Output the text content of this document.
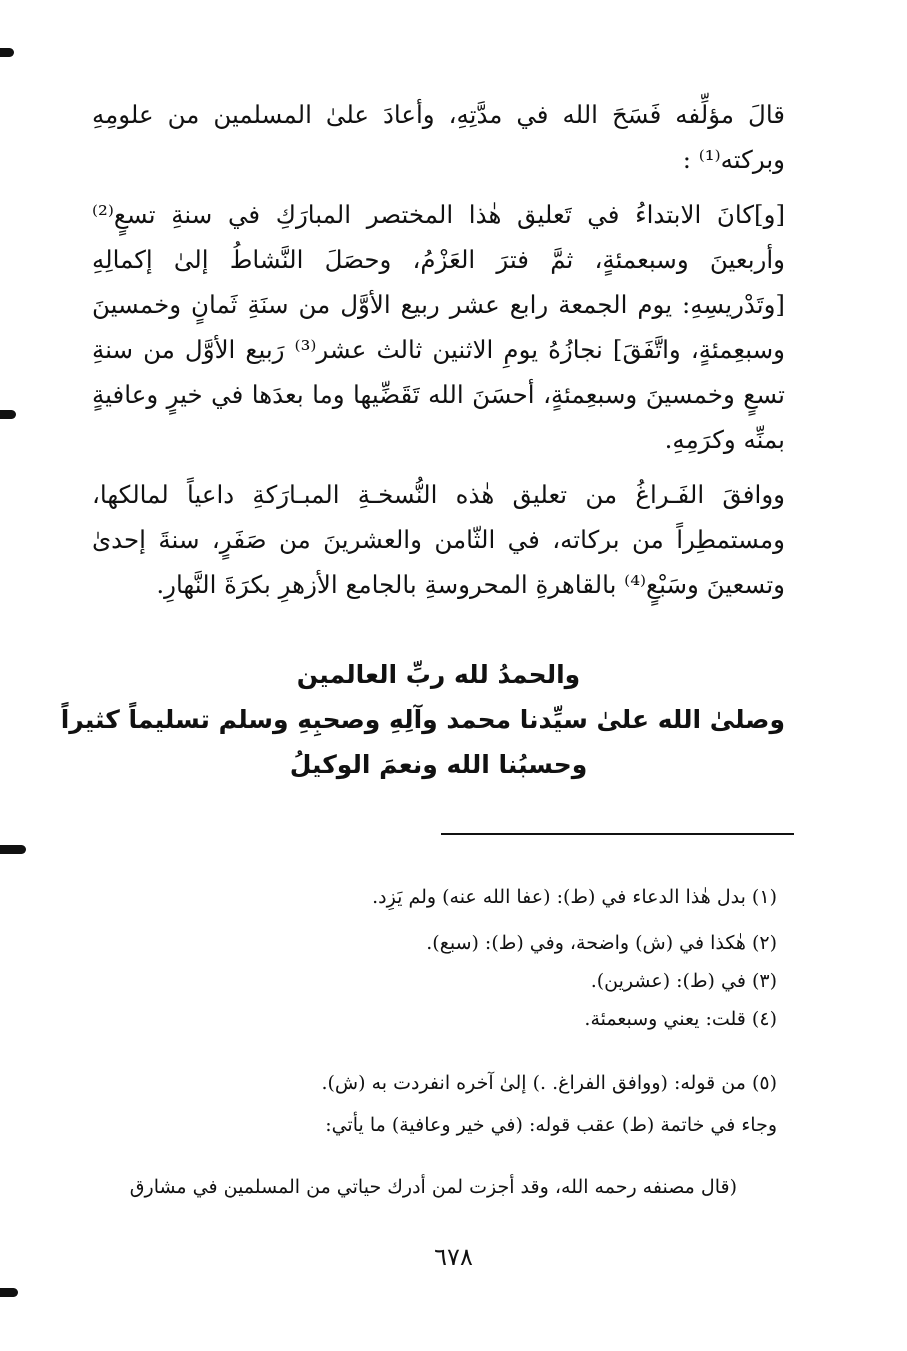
قالَ مؤلِّفه فَسَحَ الله في مدَّتِهِ، وأعادَ علىٰ المسلمين من علومِهِ وبركته⁽¹⁾ :

[و]كانَ الابتداءُ في تَعليق هٰذا المختصر المبارَكِ في سنةِ تسعٍ⁽²⁾ وأربعينَ وسبعمئةٍ، ثمَّ فترَ العَزْمُ، وحصَلَ النَّشاطُ إلىٰ إكمالِهِ [وتَدْريسِهِ: يوم الجمعة رابع عشر ربيع الأوَّل من سنَةِ ثَمانٍ وخمسينَ وسبعِمئةٍ، واتَّفَقَ] نجازُهُ يومِ الاثنين ثالث عشر⁽³⁾ رَبيع الأوَّل من سنةِ تسعٍ وخمسينَ وسبعِمئةٍ، أحسَنَ الله تَقَضِّيها وما بعدَها في خيرٍ وعافيةٍ بمنِّه وكرَمِهِ.

ووافقَ الفَـراغُ من تعليق هٰذه النُّسخـةِ المبـارَكةِ داعياً لمالكها، ومستمطِراً من بركاته، في الثّامن والعشرينَ من صَفَرٍ، سنةَ إحدىٰ وتسعينَ وسَبْعٍ⁽⁴⁾ بالقاهرةِ المحروسةِ بالجامع الأزهرِ بكرَةَ النَّهارِ.

والحمدُ لله ربِّ العالمين
وصلىٰ الله علىٰ سيِّدنا محمد وآلِهِ وصحبِهِ وسلم تسليماً كثيراً
وحسبُنا الله ونعمَ الوكيلُ
(١) بدل هٰذا الدعاء في (ط): (عفا الله عنه) ولم يَزِد.
(٢) هٰكذا في (ش) واضحة، وفي (ط): (سبع).
(٣) في (ط): (عشرين).
(٤) قلت: يعني وسبعمئة.
(٥) من قوله: (ووافق الفراغ. .) إلىٰ آخره انفردت به (ش).
وجاء في خاتمة (ط) عقب قوله: (في خير وعافية) ما يأتي:
(قال مصنفه رحمه الله، وقد أجزت لمن أدرك حياتي من المسلمين في مشارق
٦٧٨
